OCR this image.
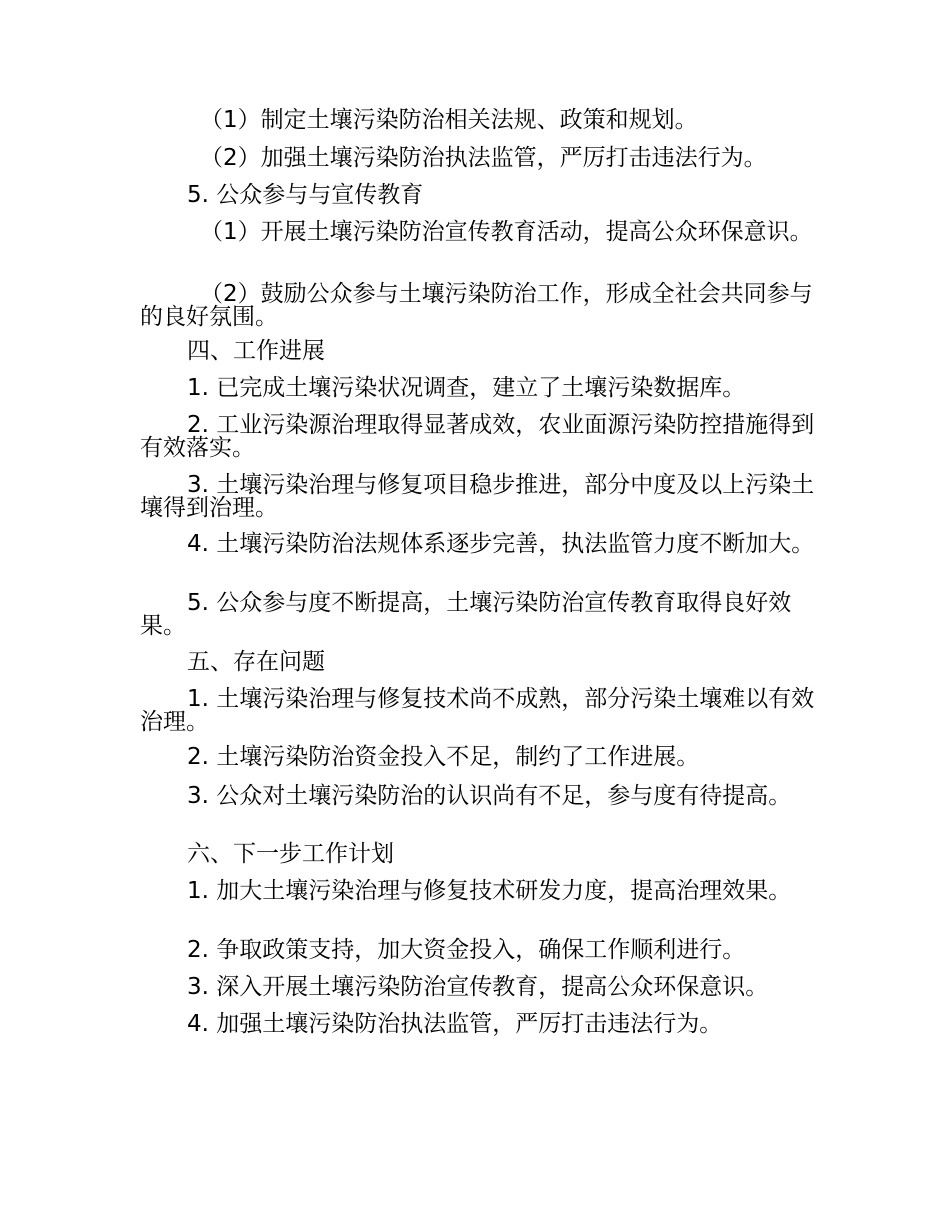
（1）制定土壤污染防治相关法规、政策和规划。

（2）加强土壤污染防治执法监管，严厉打击违法行为。

5. 公众参与与宣传教育

（1）开展土壤污染防治宣传教育活动，提高公众环保意识。

（2）鼓励公众参与土壤污染防治工作，形成全社会共同参与的良好氛围。

四、工作进展

1. 已完成土壤污染状况调查，建立了土壤污染数据库。

2. 工业污染源治理取得显著成效，农业面源污染防控措施得到有效落实。

3. 土壤污染治理与修复项目稳步推进，部分中度及以上污染土壤得到治理。

4. 土壤污染防治法规体系逐步完善，执法监管力度不断加大。

5. 公众参与度不断提高，土壤污染防治宣传教育取得良好效果。

五、存在问题

1. 土壤污染治理与修复技术尚不成熟，部分污染土壤难以有效治理。

2. 土壤污染防治资金投入不足，制约了工作进展。

3. 公众对土壤污染防治的认识尚有不足，参与度有待提高。

六、下一步工作计划

1. 加大土壤污染治理与修复技术研发力度，提高治理效果。

2. 争取政策支持，加大资金投入，确保工作顺利进行。

3. 深入开展土壤污染防治宣传教育，提高公众环保意识。

4. 加强土壤污染防治执法监管，严厉打击违法行为。
